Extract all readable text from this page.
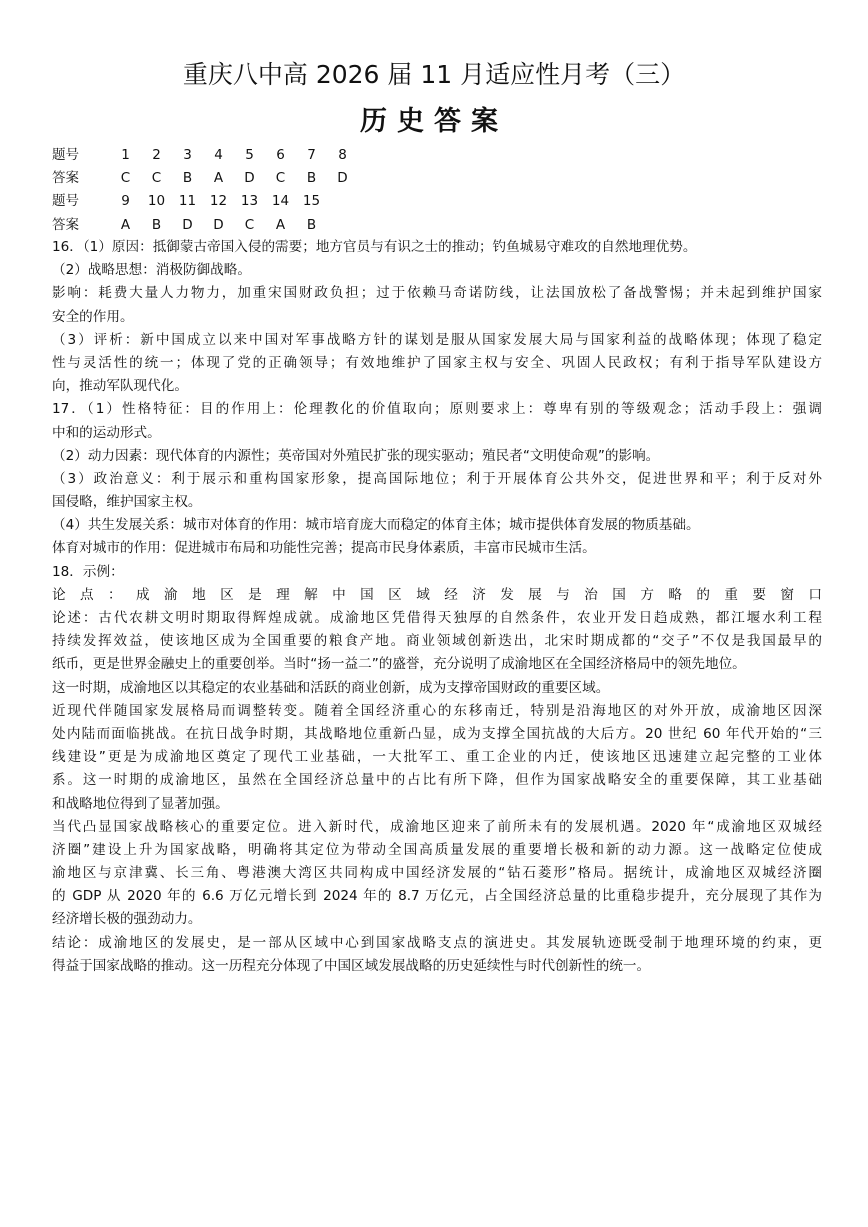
重庆八中高 2026 届 11 月适应性月考（三）
历史答案
题号	1	2	3	4	5	6	7	8
答案	C	C	B	A	D	C	B	D
题号	9	10	11	12	13	14	15
答案	A	B	D	D	C	A	B
16．（1）原因：抵御蒙古帝国入侵的需要；地方官员与有识之士的推动；钓鱼城易守难攻的自然地理优势。
（2）战略思想：消极防御战略。
影响：耗费大量人力物力，加重宋国财政负担；过于依赖马奇诺防线，让法国放松了备战警惕；并未起到维护国家
安全的作用。
（3）评析：新中国成立以来中国对军事战略方针的谋划是服从国家发展大局与国家利益的战略体现；体现了稳定
性与灵活性的统一；体现了党的正确领导；有效地维护了国家主权与安全、巩固人民政权；有利于指导军队建设方
向，推动军队现代化。
17．（1）性格特征：目的作用上：伦理教化的价值取向；原则要求上：尊卑有别的等级观念；活动手段上：强调
中和的运动形式。
（2）动力因素：现代体育的内源性；英帝国对外殖民扩张的现实驱动；殖民者“文明使命观”的影响。
（3）政治意义：利于展示和重构国家形象，提高国际地位；利于开展体育公共外交，促进世界和平；利于反对外
国侵略，维护国家主权。
（4）共生发展关系：城市对体育的作用：城市培育庞大而稳定的体育主体；城市提供体育发展的物质基础。
体育对城市的作用：促进城市布局和功能性完善；提高市民身体素质，丰富市民城市生活。
18．示例：
论点：成渝地区是理解中国区域经济发展与治国方略的重要窗口
论述：古代农耕文明时期取得辉煌成就。成渝地区凭借得天独厚的自然条件，农业开发日趋成熟，都江堰水利工程
持续发挥效益，使该地区成为全国重要的粮食产地。商业领域创新迭出，北宋时期成都的“交子”不仅是我国最早的
纸币，更是世界金融史上的重要创举。当时“扬一益二”的盛誉，充分说明了成渝地区在全国经济格局中的领先地位。
这一时期，成渝地区以其稳定的农业基础和活跃的商业创新，成为支撑帝国财政的重要区域。
近现代伴随国家发展格局而调整转变。随着全国经济重心的东移南迁，特别是沿海地区的对外开放，成渝地区因深
处内陆而面临挑战。在抗日战争时期，其战略地位重新凸显，成为支撑全国抗战的大后方。20 世纪 60 年代开始的“三
线建设”更是为成渝地区奠定了现代工业基础，一大批军工、重工企业的内迁，使该地区迅速建立起完整的工业体
系。这一时期的成渝地区，虽然在全国经济总量中的占比有所下降，但作为国家战略安全的重要保障，其工业基础
和战略地位得到了显著加强。
当代凸显国家战略核心的重要定位。进入新时代，成渝地区迎来了前所未有的发展机遇。2020 年“成渝地区双城经
济圈”建设上升为国家战略，明确将其定位为带动全国高质量发展的重要增长极和新的动力源。这一战略定位使成
渝地区与京津冀、长三角、粤港澳大湾区共同构成中国经济发展的“钻石菱形”格局。据统计，成渝地区双城经济圈
的 GDP 从 2020 年的 6.6 万亿元增长到 2024 年的 8.7 万亿元，占全国经济总量的比重稳步提升，充分展现了其作为
经济增长极的强劲动力。
结论：成渝地区的发展史，是一部从区域中心到国家战略支点的演进史。其发展轨迹既受制于地理环境的约束，更
得益于国家战略的推动。这一历程充分体现了中国区域发展战略的历史延续性与时代创新性的统一。
